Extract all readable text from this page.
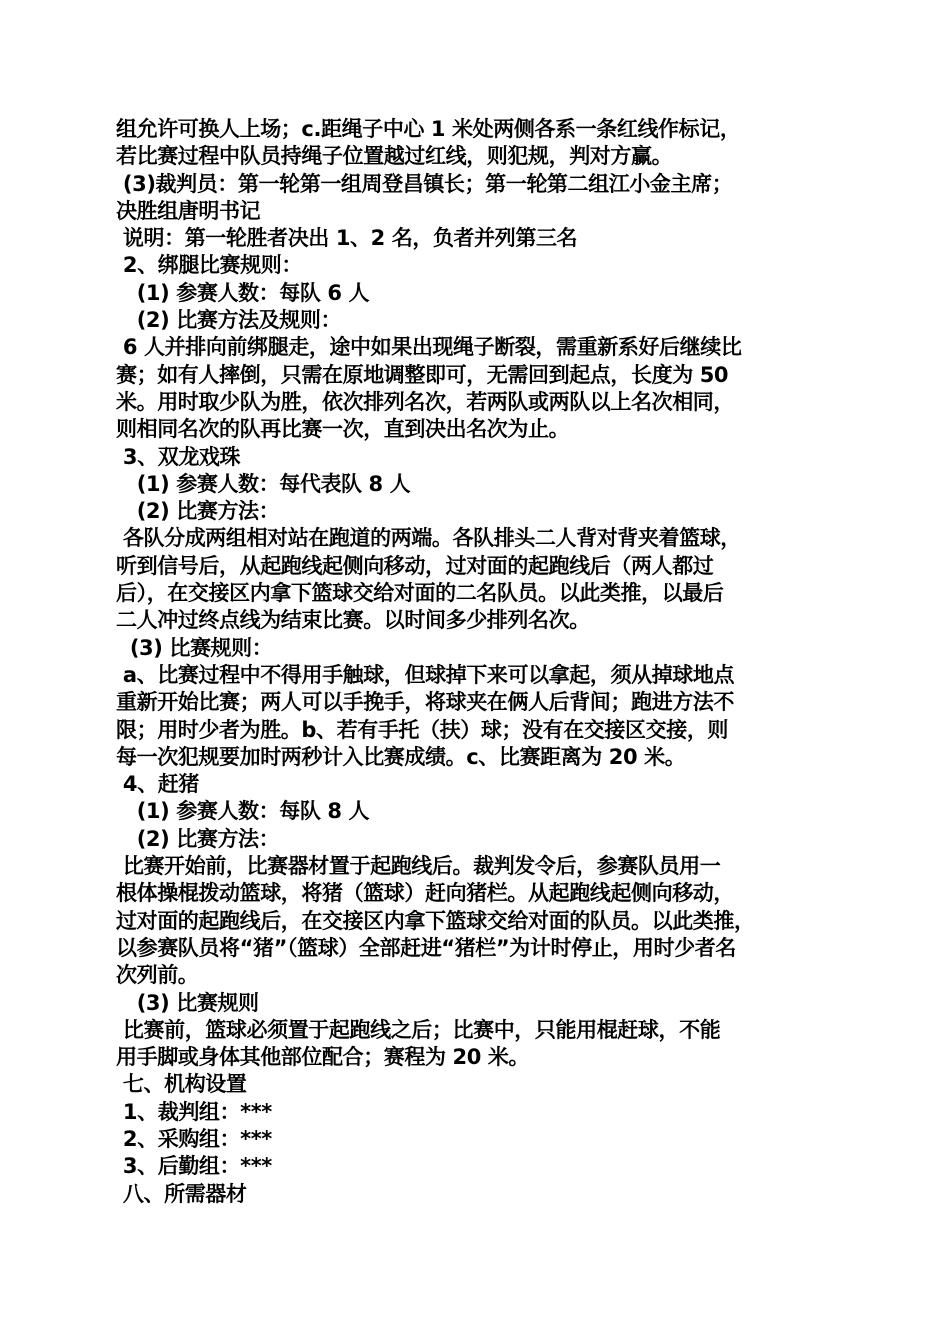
组允许可换人上场；c.距绳子中心 1 米处两侧各系一条红线作标记，
若比赛过程中队员持绳子位置越过红线，则犯规，判对方赢。
(3)裁判员：第一轮第一组周登昌镇长；第一轮第二组江小金主席；
决胜组唐明书记
说明：第一轮胜者决出 1、2 名，负者并列第三名
2、绑腿比赛规则：
(1) 参赛人数：每队 6 人
(2) 比赛方法及规则：
6 人并排向前绑腿走，途中如果出现绳子断裂，需重新系好后继续比
赛；如有人摔倒，只需在原地调整即可，无需回到起点，长度为 50
米。用时取少队为胜，依次排列名次，若两队或两队以上名次相同，
则相同名次的队再比赛一次，直到决出名次为止。
3、双龙戏珠
(1) 参赛人数：每代表队 8 人
(2) 比赛方法：
各队分成两组相对站在跑道的两端。各队排头二人背对背夹着篮球，
听到信号后，从起跑线起侧向移动，过对面的起跑线后（两人都过
后），在交接区内拿下篮球交给对面的二名队员。以此类推，以最后
二人冲过终点线为结束比赛。以时间多少排列名次。
(3) 比赛规则：
a、比赛过程中不得用手触球，但球掉下来可以拿起，须从掉球地点
重新开始比赛；两人可以手挽手，将球夹在俩人后背间；跑进方法不
限；用时少者为胜。b、若有手托（扶）球；没有在交接区交接，则
每一次犯规要加时两秒计入比赛成绩。c、比赛距离为 20 米。
4、赶猪
(1) 参赛人数：每队 8 人
(2) 比赛方法：
比赛开始前，比赛器材置于起跑线后。裁判发令后，参赛队员用一
根体操棍拨动篮球，将猪（篮球）赶向猪栏。从起跑线起侧向移动，
过对面的起跑线后，在交接区内拿下篮球交给对面的队员。以此类推，
以参赛队员将“猪”（篮球）全部赶进“猪栏”为计时停止，用时少者名
次列前。
(3) 比赛规则
比赛前，篮球必须置于起跑线之后；比赛中，只能用棍赶球，不能
用手脚或身体其他部位配合；赛程为 20 米。
七、机构设置
1、裁判组：***
2、采购组：***
3、后勤组：***
八、所需器材
